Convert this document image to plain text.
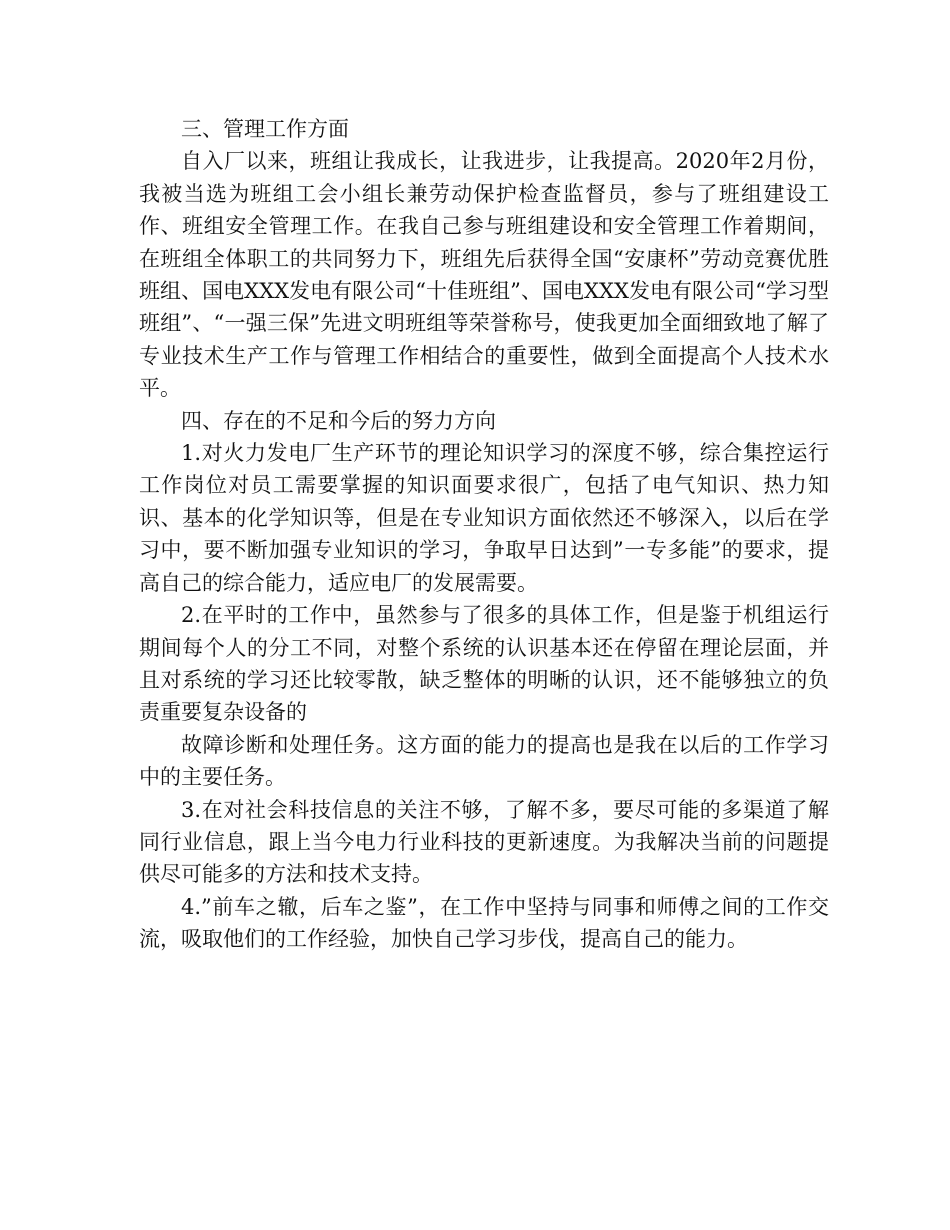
三、管理工作方面

自入厂以来，班组让我成长，让我进步，让我提高。2020年2月份，我被当选为班组工会小组长兼劳动保护检查监督员，参与了班组建设工作、班组安全管理工作。在我自己参与班组建设和安全管理工作着期间，在班组全体职工的共同努力下，班组先后获得全国“安康杯”劳动竞赛优胜班组、国电XXX发电有限公司“十佳班组”、国电XXX发电有限公司“学习型班组”、“一强三保”先进文明班组等荣誉称号，使我更加全面细致地了解了专业技术生产工作与管理工作相结合的重要性，做到全面提高个人技术水平。

四、存在的不足和今后的努力方向

1.对火力发电厂生产环节的理论知识学习的深度不够，综合集控运行工作岗位对员工需要掌握的知识面要求很广，包括了电气知识、热力知识、基本的化学知识等，但是在专业知识方面依然还不够深入，以后在学习中，要不断加强专业知识的学习，争取早日达到”一专多能”的要求，提高自己的综合能力，适应电厂的发展需要。

2.在平时的工作中，虽然参与了很多的具体工作，但是鉴于机组运行期间每个人的分工不同，对整个系统的认识基本还在停留在理论层面，并且对系统的学习还比较零散，缺乏整体的明晰的认识，还不能够独立的负责重要复杂设备的

故障诊断和处理任务。这方面的能力的提高也是我在以后的工作学习中的主要任务。

3.在对社会科技信息的关注不够，了解不多，要尽可能的多渠道了解同行业信息，跟上当今电力行业科技的更新速度。为我解决当前的问题提供尽可能多的方法和技术支持。

4.”前车之辙，后车之鉴”，在工作中坚持与同事和师傅之间的工作交流，吸取他们的工作经验，加快自己学习步伐，提高自己的能力。
